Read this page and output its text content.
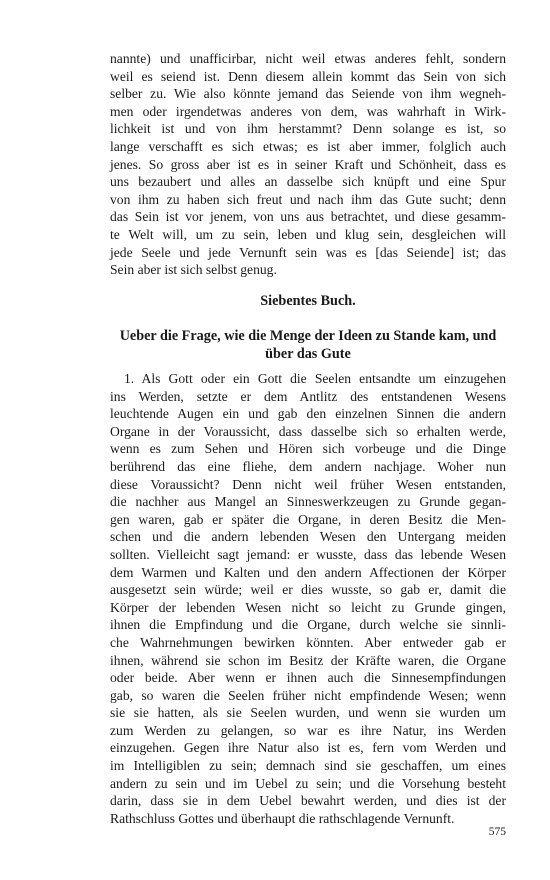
nannte) und unafficirbar, nicht weil etwas anderes fehlt, sondern
weil es seiend ist. Denn diesem allein kommt das Sein von sich
selber zu. Wie also könnte jemand das Seiende von ihm wegneh-
men oder irgendetwas anderes von dem, was wahrhaft in Wirk-
lichkeit ist und von ihm herstammt? Denn solange es ist, so
lange verschafft es sich etwas; es ist aber immer, folglich auch
jenes. So gross aber ist es in seiner Kraft und Schönheit, dass es
uns bezaubert und alles an dasselbe sich knüpft und eine Spur
von ihm zu haben sich freut und nach ihm das Gute sucht; denn
das Sein ist vor jenem, von uns aus betrachtet, und diese gesamm-
te Welt will, um zu sein, leben und klug sein, desgleichen will
jede Seele und jede Vernunft sein was es [das Seiende] ist; das
Sein aber ist sich selbst genug.
Siebentes Buch.
Ueber die Frage, wie die Menge der Ideen zu Stande kam, und
über das Gute
1. Als Gott oder ein Gott die Seelen entsandte um einzugehen
ins Werden, setzte er dem Antlitz des entstandenen Wesens
leuchtende Augen ein und gab den einzelnen Sinnen die andern
Organe in der Voraussicht, dass dasselbe sich so erhalten werde,
wenn es zum Sehen und Hören sich vorbeuge und die Dinge
berührend das eine fliehe, dem andern nachjage. Woher nun
diese Voraussicht? Denn nicht weil früher Wesen entstanden,
die nachher aus Mangel an Sinneswerkzeugen zu Grunde gegan-
gen waren, gab er später die Organe, in deren Besitz die Men-
schen und die andern lebenden Wesen den Untergang meiden
sollten. Vielleicht sagt jemand: er wusste, dass das lebende Wesen
dem Warmen und Kalten und den andern Affectionen der Körper
ausgesetzt sein würde; weil er dies wusste, so gab er, damit die
Körper der lebenden Wesen nicht so leicht zu Grunde gingen,
ihnen die Empfindung und die Organe, durch welche sie sinnli-
che Wahrnehmungen bewirken könnten. Aber entweder gab er
ihnen, während sie schon im Besitz der Kräfte waren, die Organe
oder beide. Aber wenn er ihnen auch die Sinnesempfindungen
gab, so waren die Seelen früher nicht empfindende Wesen; wenn
sie sie hatten, als sie Seelen wurden, und wenn sie wurden um
zum Werden zu gelangen, so war es ihre Natur, ins Werden
einzugehen. Gegen ihre Natur also ist es, fern vom Werden und
im Intelligiblen zu sein; demnach sind sie geschaffen, um eines
andern zu sein und im Uebel zu sein; und die Vorsehung besteht
darin, dass sie in dem Uebel bewahrt werden, und dies ist der
Rathschluss Gottes und überhaupt die rathschlagende Vernunft.
575
